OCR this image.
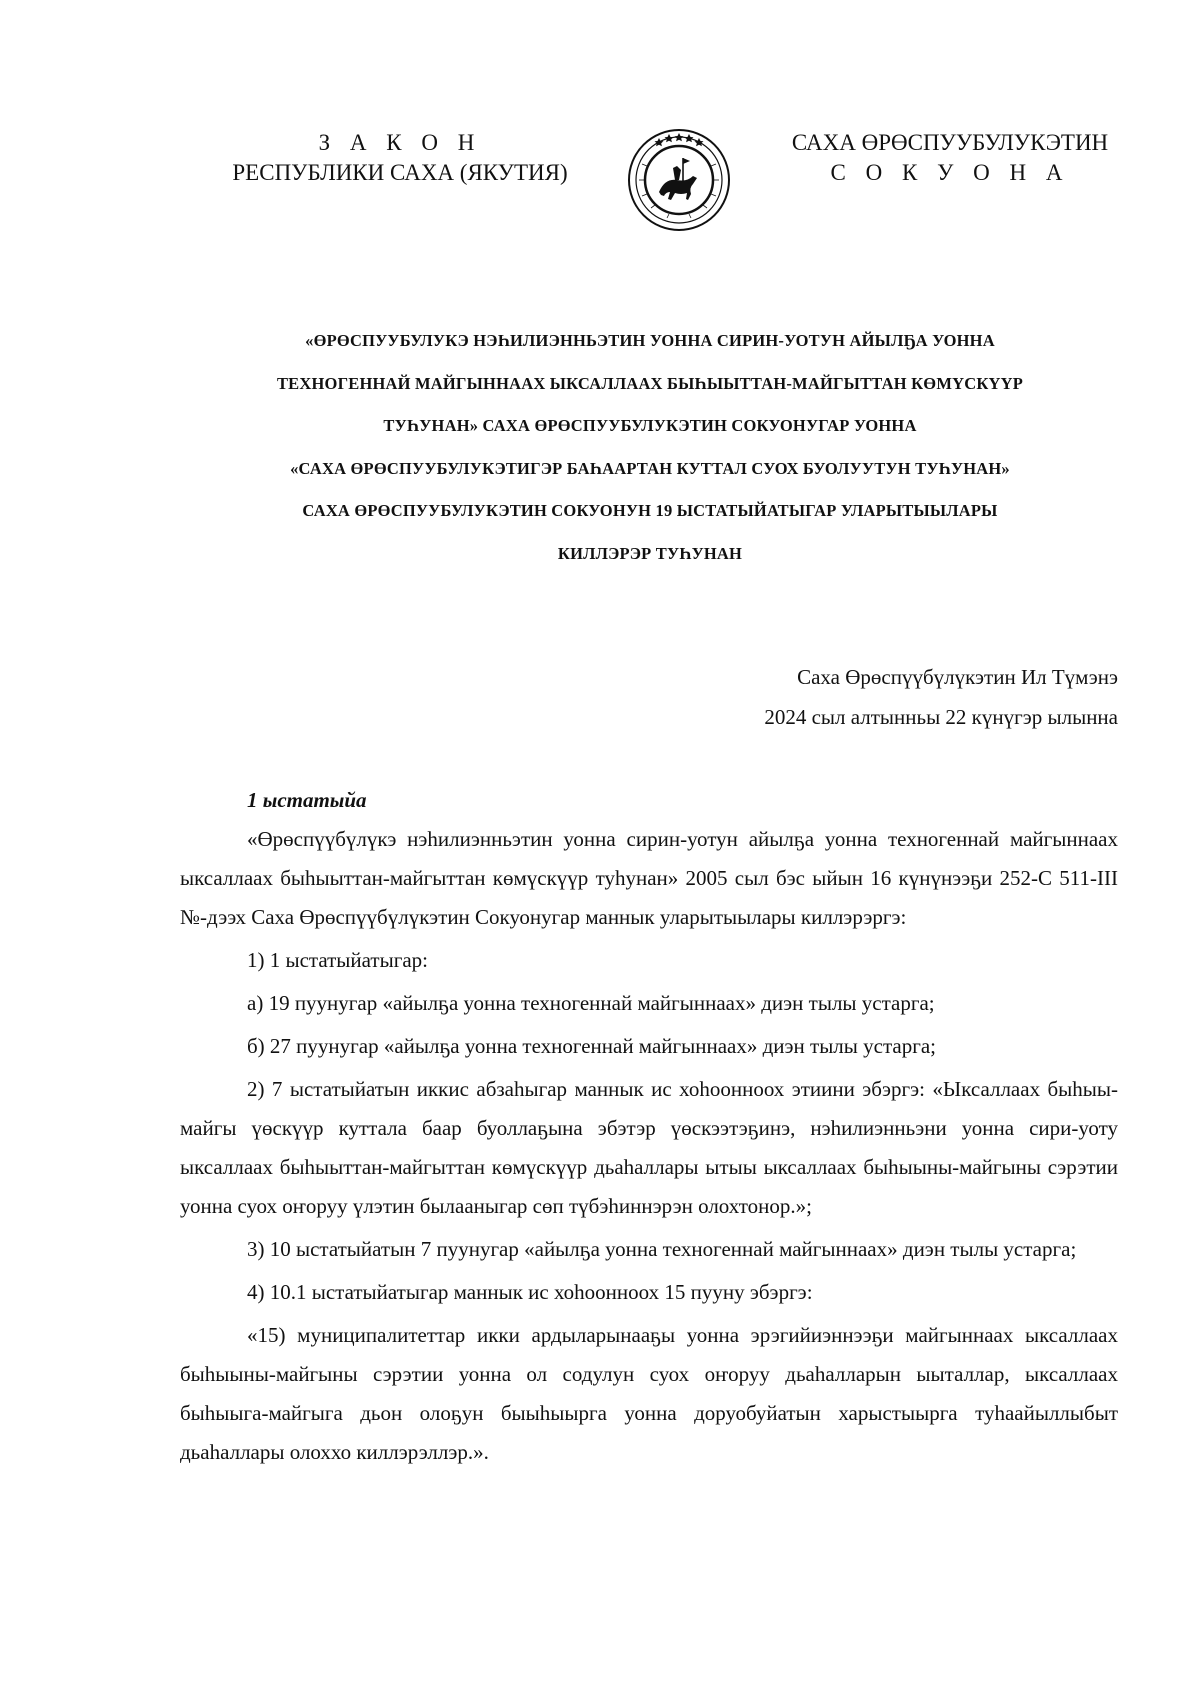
З А К О Н
РЕСПУБЛИКИ САХА (ЯКУТИЯ)
САХА ӨРӨСПУУБУЛУКЭТИН
С О К У О Н А
«ӨРӨСПУУБУЛУКЭ НЭҺИЛИЭННЬЭТИН УОННА СИРИН-УОТУН АЙЫЛҔА УОННА
ТЕХНОГЕННАЙ МАЙГЫННААХ ЫКСАЛЛААХ БЫҺЫЫТТАН-МАЙГЫТТАН КӨМҮСКҮҮР
ТУҺУНАН» САХА ӨРӨСПУУБУЛУКЭТИН СОКУОНУГАР УОННА
«САХА ӨРӨСПУУБУЛУКЭТИГЭР БАҺААРТАН КУТТАЛ СУОХ БУОЛУУТУН ТУҺУНАН»
САХА ӨРӨСПУУБУЛУКЭТИН СОКУОНУН 19 ЫСТАТЫЙАТЫГАР УЛАРЫТЫЫЛАРЫ
КИЛЛЭРЭР ТУҺУНАН
Саха Өрөспүүбүлүкэтин Ил Түмэнэ
2024 сыл алтынньы 22 күнүгэр ылынна
1 ыстатыйа

«Өрөспүүбүлүкэ нэһилиэнньэтин уонна сирин-уотун айылҕа уонна техногеннай майгыннаах ыксаллаах быһыыттан-майгыттан көмүскүүр туһунан» 2005 сыл бэс ыйын 16 күнүнээҕи 252-С 511-III №-дээх Саха Өрөспүүбүлүкэтин Сокуонугар маннык уларытыылары киллэрэргэ:

1) 1 ыстатыйатыгар:

а) 19 пуунугар «айылҕа уонна техногеннай майгыннаах» диэн тылы устарга;

б) 27 пуунугар «айылҕа уонна техногеннай майгыннаах» диэн тылы устарга;

2) 7 ыстатыйатын иккис абзаһыгар маннык ис хоһоонноох этиини эбэргэ: «Ыксаллаах быһыы-майгы үөскүүр куттала баар буоллаҕына эбэтэр үөскээтэҕинэ, нэһилиэнньэни уонна сири-уоту ыксаллаах быһыыттан-майгыттан көмүскүүр дьаһаллары ытыы ыксаллаах быһыыны-майгыны сэрэтии уонна суох оҥоруу үлэтин былааныгар сөп түбэһиннэрэн олохтонор.»;

3) 10 ыстатыйатын 7 пуунугар «айылҕа уонна техногеннай майгыннаах» диэн тылы устарга;

4) 10.1 ыстатыйатыгар маннык ис хоһоонноох 15 пууну эбэргэ:

«15) муниципалитеттар икки ардыларынааҕы уонна эрэгийиэннээҕи майгыннаах ыксаллаах быһыыны-майгыны сэрэтии уонна ол содулун суох оҥоруу дьаһалларын ыыталлар, ыксаллаах быһыыга-майгыга дьон олоҕун быыһыырга уонна доруобуйатын харыстыырга туһаайыллыбыт дьаһаллары олоххо киллэрэллэр.».
